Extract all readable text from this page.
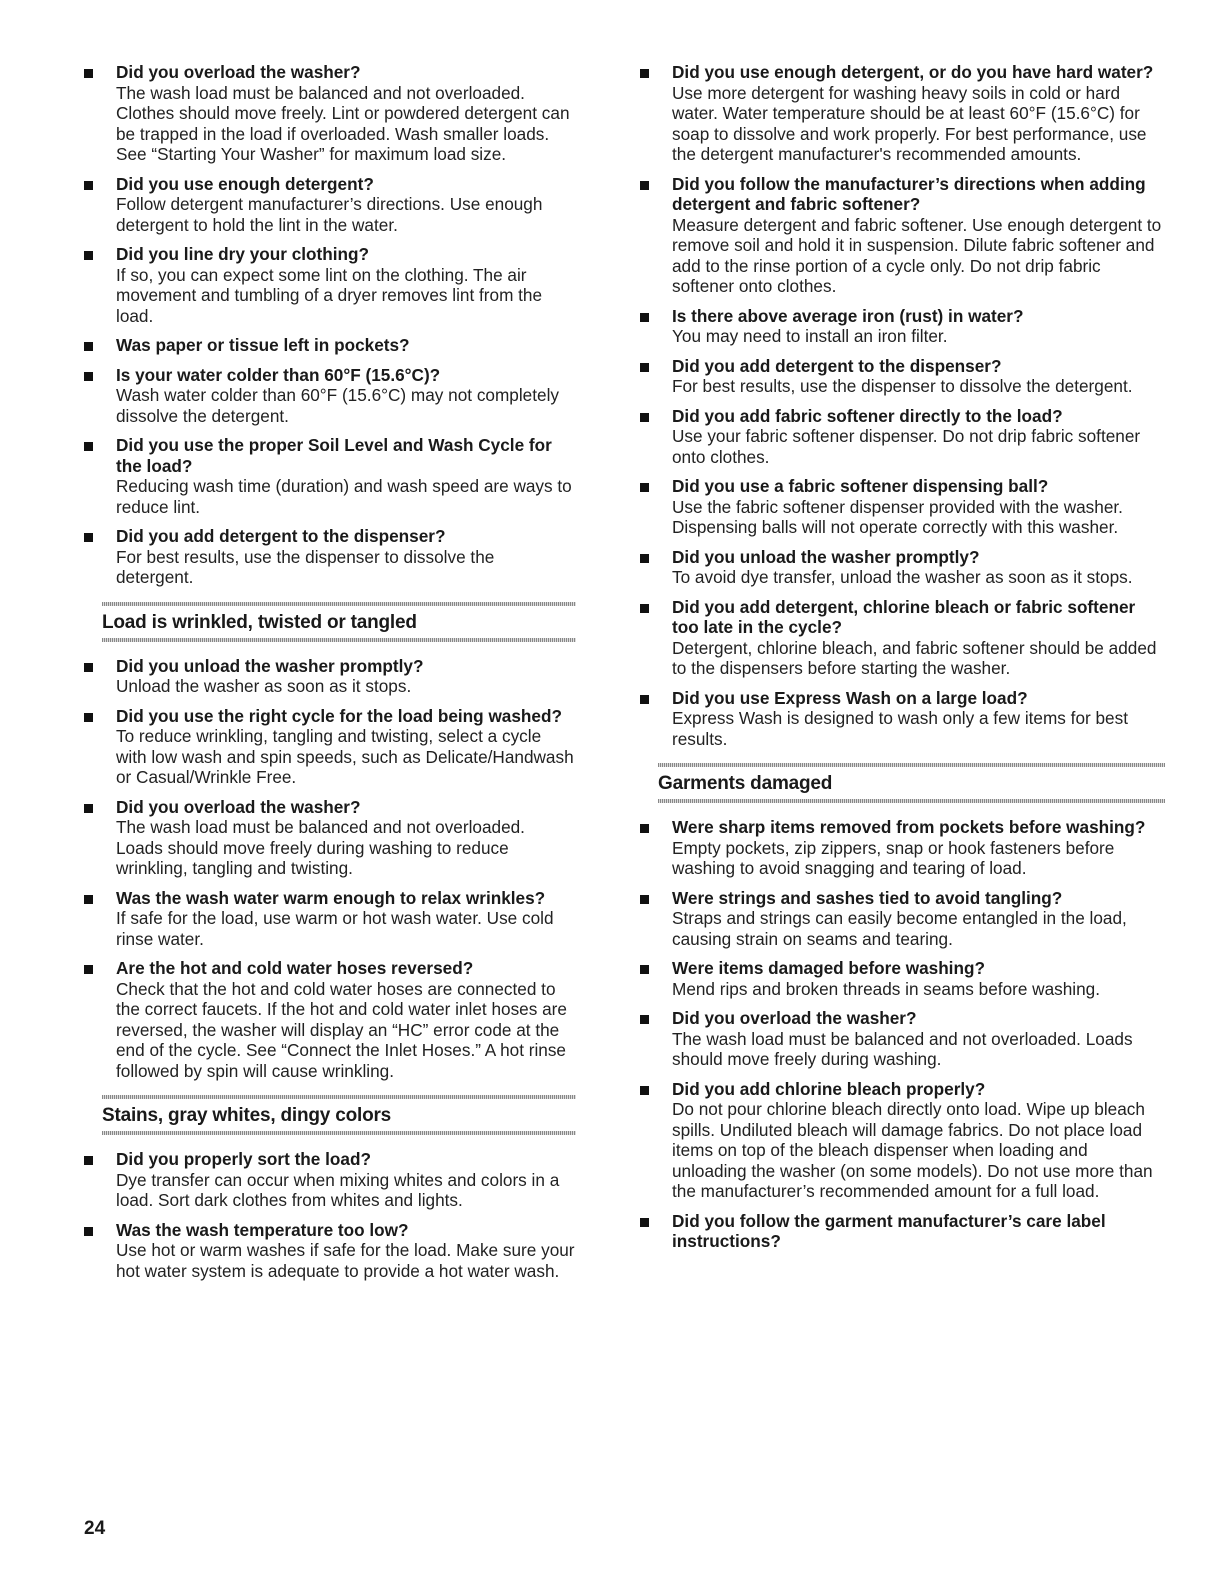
Did you overload the washer?

The wash load must be balanced and not overloaded. Clothes should move freely. Lint or powdered detergent can be trapped in the load if overloaded. Wash smaller loads. See “Starting Your Washer” for maximum load size.

Did you use enough detergent?

Follow detergent manufacturer’s directions. Use enough detergent to hold the lint in the water.

Did you line dry your clothing?

If so, you can expect some lint on the clothing. The air movement and tumbling of a dryer removes lint from the load.

Was paper or tissue left in pockets?

Is your water colder than 60°F (15.6°C)?

Wash water colder than 60°F (15.6°C) may not completely dissolve the detergent.

Did you use the proper Soil Level and Wash Cycle for the load?

Reducing wash time (duration) and wash speed are ways to reduce lint.

Did you add detergent to the dispenser?

For best results, use the dispenser to dissolve the detergent.

Load is wrinkled, twisted or tangled

Did you unload the washer promptly?

Unload the washer as soon as it stops.

Did you use the right cycle for the load being washed?

To reduce wrinkling, tangling and twisting, select a cycle with low wash and spin speeds, such as Delicate/Handwash or Casual/Wrinkle Free.

Did you overload the washer?

The wash load must be balanced and not overloaded. Loads should move freely during washing to reduce wrinkling, tangling and twisting.

Was the wash water warm enough to relax wrinkles?

If safe for the load, use warm or hot wash water. Use cold rinse water.

Are the hot and cold water hoses reversed?

Check that the hot and cold water hoses are connected to the correct faucets. If the hot and cold water inlet hoses are reversed, the washer will display an “HC” error code at the end of the cycle. See “Connect the Inlet Hoses.” A hot rinse followed by spin will cause wrinkling.

Stains, gray whites, dingy colors

Did you properly sort the load?

Dye transfer can occur when mixing whites and colors in a load. Sort dark clothes from whites and lights.

Was the wash temperature too low?

Use hot or warm washes if safe for the load. Make sure your hot water system is adequate to provide a hot water wash.

Did you use enough detergent, or do you have hard water?

Use more detergent for washing heavy soils in cold or hard water. Water temperature should be at least 60°F (15.6°C) for soap to dissolve and work properly. For best performance, use the detergent manufacturer's recommended amounts.

Did you follow the manufacturer’s directions when adding detergent and fabric softener?

Measure detergent and fabric softener. Use enough detergent to remove soil and hold it in suspension. Dilute fabric softener and add to the rinse portion of a cycle only. Do not drip fabric softener onto clothes.

Is there above average iron (rust) in water?

You may need to install an iron filter.

Did you add detergent to the dispenser?

For best results, use the dispenser to dissolve the detergent.

Did you add fabric softener directly to the load?

Use your fabric softener dispenser. Do not drip fabric softener onto clothes.

Did you use a fabric softener dispensing ball?

Use the fabric softener dispenser provided with the washer. Dispensing balls will not operate correctly with this washer.

Did you unload the washer promptly?

To avoid dye transfer, unload the washer as soon as it stops.

Did you add detergent, chlorine bleach or fabric softener too late in the cycle?

Detergent, chlorine bleach, and fabric softener should be added to the dispensers before starting the washer.

Did you use Express Wash on a large load?

Express Wash is designed to wash only a few items for best results.

Garments damaged

Were sharp items removed from pockets before washing?

Empty pockets, zip zippers, snap or hook fasteners before washing to avoid snagging and tearing of load.

Were strings and sashes tied to avoid tangling?

Straps and strings can easily become entangled in the load, causing strain on seams and tearing.

Were items damaged before washing?

Mend rips and broken threads in seams before washing.

Did you overload the washer?

The wash load must be balanced and not overloaded. Loads should move freely during washing.

Did you add chlorine bleach properly?

Do not pour chlorine bleach directly onto load. Wipe up bleach spills. Undiluted bleach will damage fabrics. Do not place load items on top of the bleach dispenser when loading and unloading the washer (on some models). Do not use more than the manufacturer’s recommended amount for a full load.

Did you follow the garment manufacturer’s care label instructions?

24
